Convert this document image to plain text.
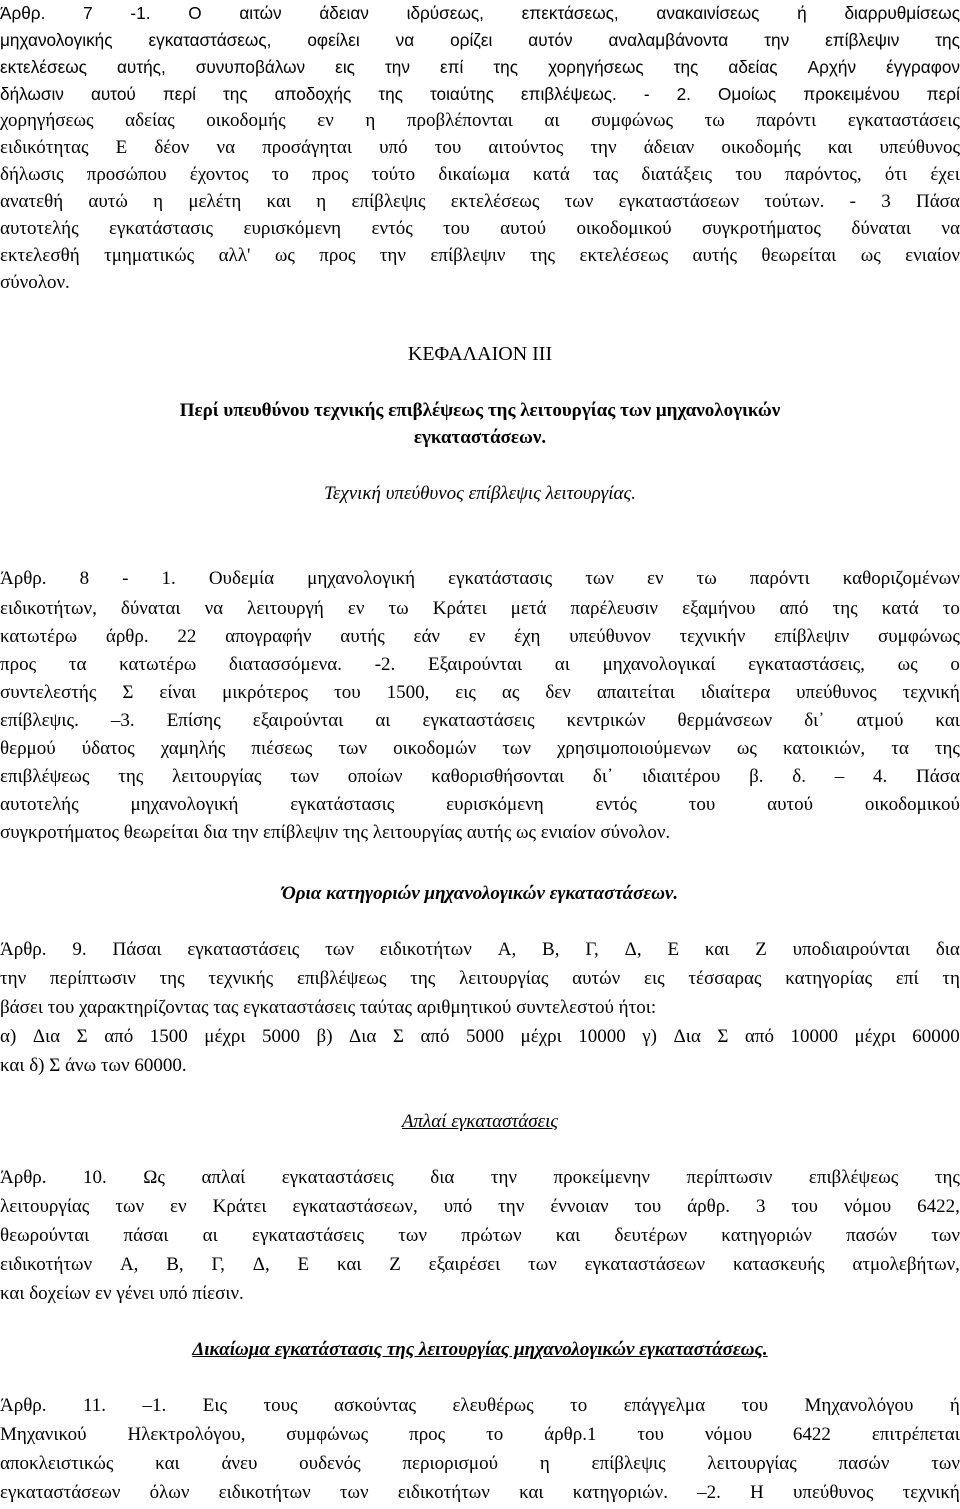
Άρθρ. 7 -1. Ο αιτών άδειαν ιδρύσεως, επεκτάσεως, ανακαινίσεως ή διαρρυθμίσεως
μηχανολογικής εγκαταστάσεως, οφείλει να ορίζει αυτόν αναλαμβάνοντα την επίβλεψιν της
εκτελέσεως αυτής, συνυποβάλων εις την επί της χορηγήσεως της αδείας Αρχήν έγγραφον
δήλωσιν αυτού περί της αποδοχής της τοιαύτης επιβλέψεως. - 2. Ομοίως προκειμένου περί
χορηγήσεως αδείας οικοδομής εν η προβλέπονται αι συμφώνως τω παρόντι εγκαταστάσεις
ειδικότητας Ε δέον να προσάγηται υπό του αιτούντος την άδειαν οικοδομής και υπεύθυνος
δήλωσις προσώπου έχοντος το προς τούτο δικαίωμα κατά τας διατάξεις του παρόντος, ότι έχει
ανατεθή αυτώ η μελέτη και η επίβλεψις εκτελέσεως των εγκαταστάσεων τούτων. - 3 Πάσα
αυτοτελής εγκατάστασις ευρισκόμενη εντός του αυτού οικοδομικού συγκροτήματος δύναται να
εκτελεσθή τμηματικώς αλλ' ως προς την επίβλεψιν της εκτελέσεως αυτής θεωρείται ως ενιαίον
σύνολον.
ΚΕΦΑΛΑΙΟΝ ΙΙΙ
Περί υπευθύνου τεχνικής επιβλέψεως της λειτουργίας των μηχανολογικών
εγκαταστάσεων.
Τεχνική υπεύθυνος επίβλεψις λειτουργίας.
Άρθρ. 8 - 1. Ουδεμία μηχανολογική εγκατάστασις των εν τω παρόντι καθοριζομένων
ειδικοτήτων, δύναται να λειτουργή εν τω Κράτει μετά παρέλευσιν εξαμήνου από της κατά το
κατωτέρω άρθρ. 22 απογραφήν αυτής εάν εν έχη υπεύθυνον τεχνικήν επίβλεψιν συμφώνως
προς τα κατωτέρω διατασσόμενα. -2. Εξαιρούνται αι μηχανολογικαί εγκαταστάσεις, ως ο
συντελεστής Σ είναι μικρότερος του 1500, εις ας δεν απαιτείται ιδιαίτερα υπεύθυνος τεχνική
επίβλεψις. –3. Επίσης εξαιρούνται αι εγκαταστάσεις κεντρικών θερμάνσεων δι᾽ ατμού και
θερμού ύδατος χαμηλής πιέσεως των οικοδομών των χρησιμοποιούμενων ως κατοικιών, τα της
επιβλέψεως της λειτουργίας των οποίων καθορισθήσονται δι᾽ ιδιαιτέρου β. δ. – 4. Πάσα
αυτοτελής	μηχανολογική	εγκατάστασις	ευρισκόμενη	εντός	του	αυτού	οικοδομικού
συγκροτήματος θεωρείται δια την επίβλεψιν της λειτουργίας αυτής ως ενιαίον σύνολον.
Όρια κατηγοριών μηχανολογικών εγκαταστάσεων.
Άρθρ. 9. Πάσαι εγκαταστάσεις των ειδικοτήτων Α, Β, Γ, Δ, Ε και Ζ υποδιαιρούνται δια
την περίπτωσιν της τεχνικής επιβλέψεως της λειτουργίας αυτών εις τέσσαρας κατηγορίας επί τη
βάσει του χαρακτηρίζοντας τας εγκαταστάσεις ταύτας αριθμητικού συντελεστού ήτοι:
α) Δια Σ από 1500 μέχρι 5000 β) Δια Σ από 5000 μέχρι 10000 γ) Δια Σ από 10000 μέχρι 60000
και δ) Σ άνω των 60000.
Απλαί εγκαταστάσεις
Άρθρ. 10. Ως απλαί εγκαταστάσεις δια την προκείμενην περίπτωσιν επιβλέψεως της
λειτουργίας των εν Κράτει εγκαταστάσεων, υπό την έννοιαν του άρθρ. 3 του νόμου 6422,
θεωρούνται πάσαι αι εγκαταστάσεις των πρώτων και δευτέρων κατηγοριών πασών των
ειδικοτήτων Α, Β, Γ, Δ, Ε και Ζ εξαιρέσει των εγκαταστάσεων κατασκευής ατμολεβήτων,
και δοχείων εν γένει υπό πίεσιν.
Δικαίωμα εγκατάστασις της λειτουργίας μηχανολογικών εγκαταστάσεως.
Άρθρ. 11. –1. Εις τους ασκούντας ελευθέρως το επάγγελμα του Μηχανολόγου ή
Μηχανικού Ηλεκτρολόγου, συμφώνως προς το άρθρ.1 του νόμου 6422 επιτρέπεται
αποκλειστικώς και άνευ ουδενός περιορισμού η επίβλεψις λειτουργίας πασών των
εγκαταστάσεων όλων ειδικοτήτων των ειδικοτήτων και κατηγοριών. –2. Η υπεύθυνος τεχνική
